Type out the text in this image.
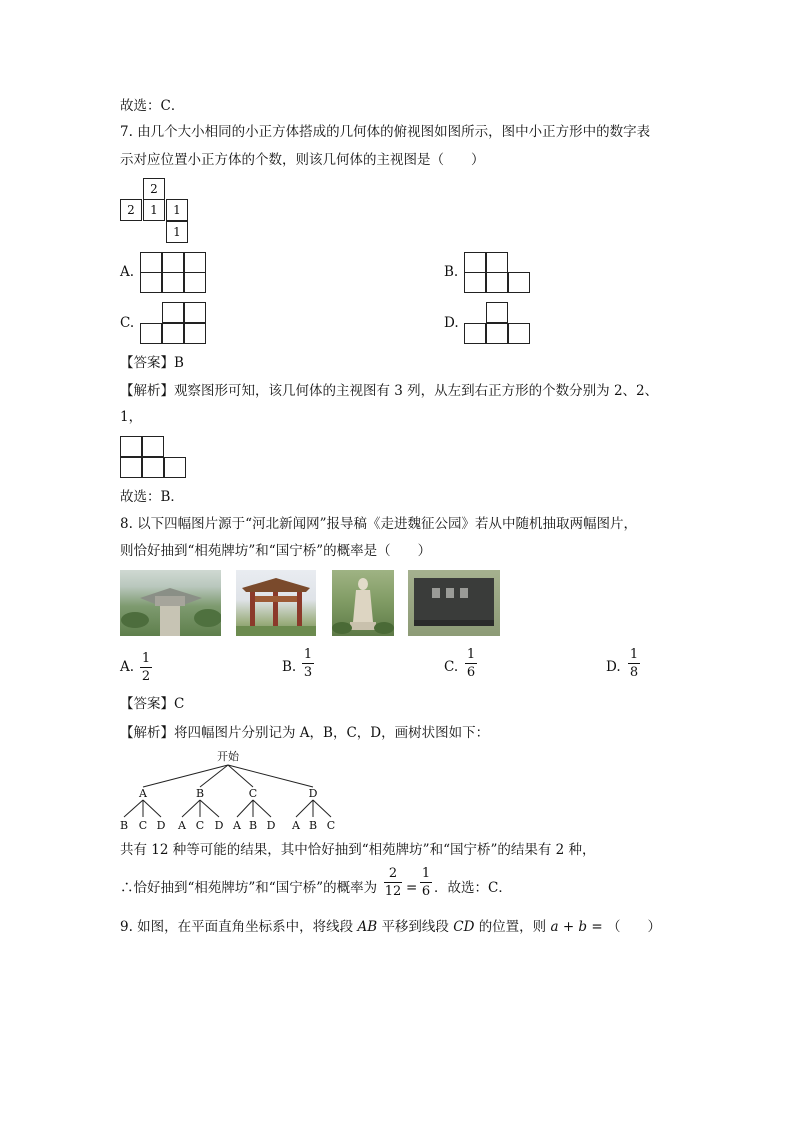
故选：C．
7. 由几个大小相同的小正方体搭成的几何体的俯视图如图所示，图中小正方形中的数字表
示对应位置小正方体的个数，则该几何体的主视图是（　　）
2
2	1	1
1
A.	B.
C.	D.
【答案】B
【解析】观察图形可知，该几何体的主视图有 3 列，从左到右正方形的个数分别为 2、2、
1，
故选：B．
8. 以下四幅图片源于“河北新闻网”报导稿《走进魏征公园》若从中随机抽取两幅图片，
则恰好抽到“相苑牌坊”和“国宁桥”的概率是（　　）
A.
1
2
B.
1
3	C.
1
6	D.
1
8
【答案】C
【解析】将四幅图片分别记为 A，B，C，D，画树状图如下：
开始
A	B	C	D
B C D A C D A B D A B C
共有 12 种等可能的结果，其中恰好抽到“相苑牌坊”和“国宁桥”的结果有 2 种，
∴恰好抽到“相苑牌坊”和“国宁桥”的概率为
2
12 =
1
6 ．故选：C．
9. 如图，在平面直角坐标系中，将线段 AB 平移到线段 CD 的位置，则 a + b = （　　）
